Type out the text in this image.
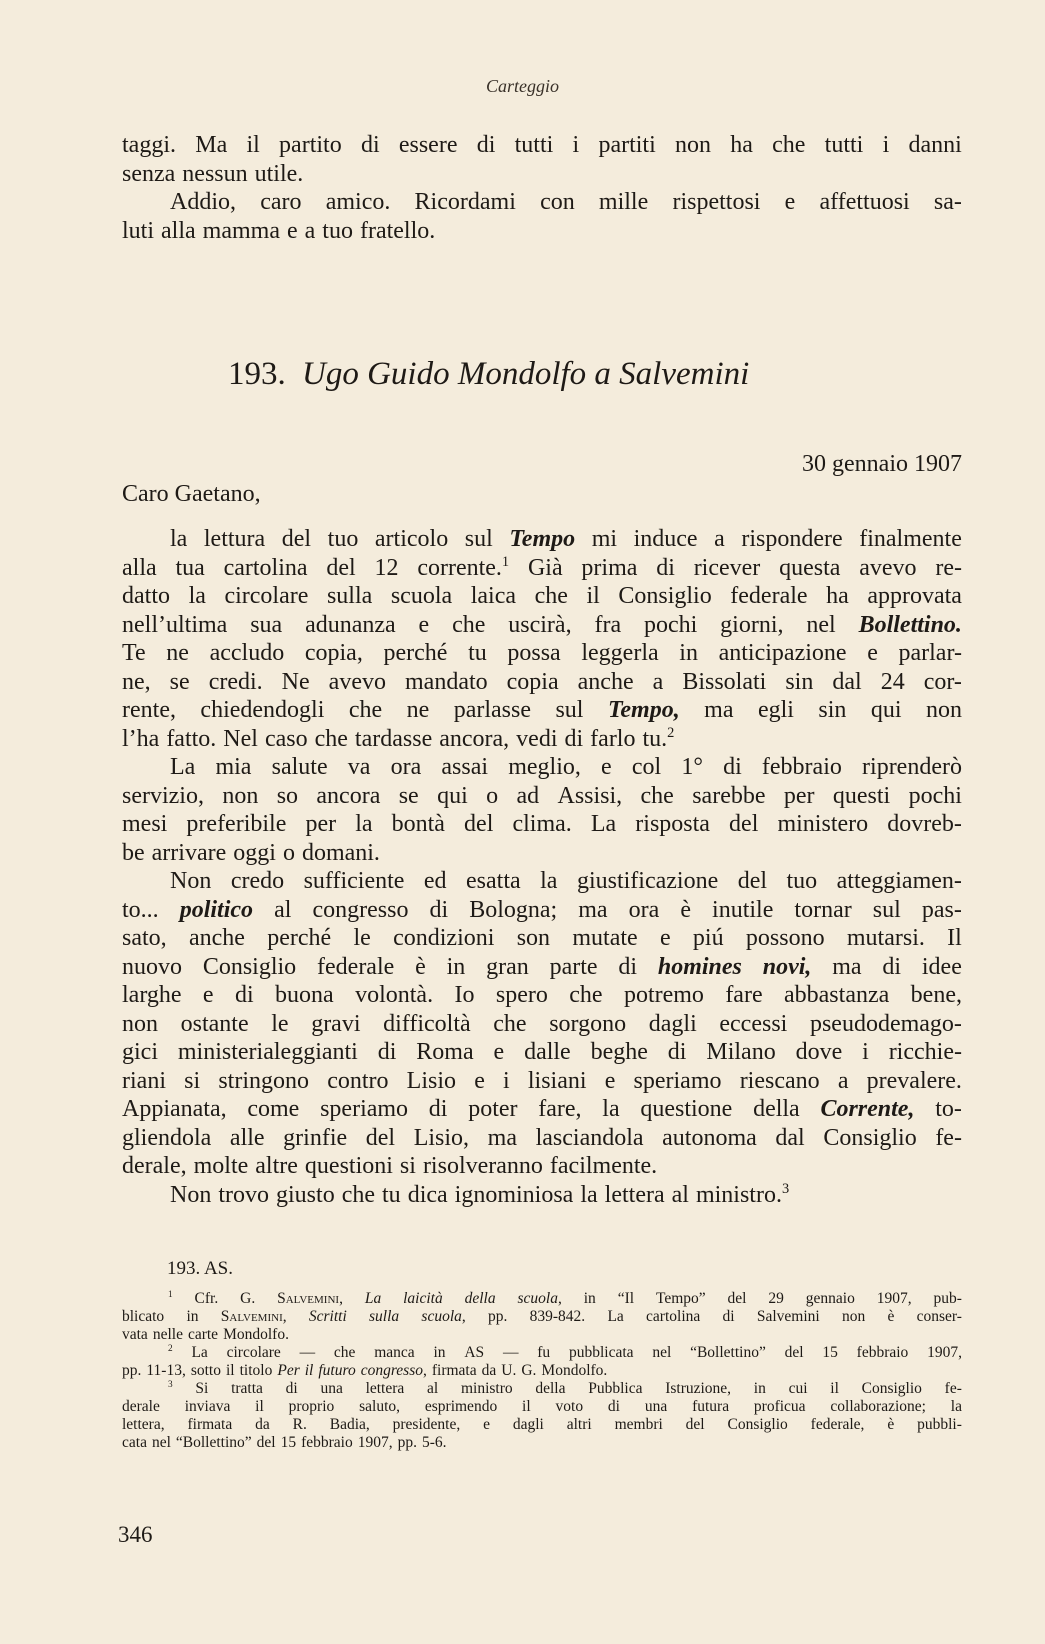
Carteggio
taggi. Ma il partito di essere di tutti i partiti non ha che tutti i danni
senza nessun utile.
Addio, caro amico. Ricordami con mille rispettosi e affettuosi sa-
luti alla mamma e a tuo fratello.
193. Ugo Guido Mondolfo a Salvemini
30 gennaio 1907
Caro Gaetano,
la lettura del tuo articolo sul Tempo mi induce a rispondere finalmente
alla tua cartolina del 12 corrente.$^1$ Già prima di ricever questa avevo re-
datto la circolare sulla scuola laica che il Consiglio federale ha approvata
nell’ultima sua adunanza e che uscirà, fra pochi giorni, nel Bollettino.
Te ne accludo copia, perché tu possa leggerla in anticipazione e parlar-
ne, se credi. Ne avevo mandato copia anche a Bissolati sin dal 24 cor-
rente, chiedendogli che ne parlasse sul Tempo, ma egli sin qui non
l’ha fatto. Nel caso che tardasse ancora, vedi di farlo tu.$^2$
La mia salute va ora assai meglio, e col 1° di febbraio riprenderò
servizio, non so ancora se qui o ad Assisi, che sarebbe per questi pochi
mesi preferibile per la bontà del clima. La risposta del ministero dovreb-
be arrivare oggi o domani.
Non credo sufficiente ed esatta la giustificazione del tuo atteggiamen-
to... politico al congresso di Bologna; ma ora è inutile tornar sul pas-
sato, anche perché le condizioni son mutate e piú possono mutarsi. Il
nuovo Consiglio federale è in gran parte di homines novi, ma di idee
larghe e di buona volontà. Io spero che potremo fare abbastanza bene,
non ostante le gravi difficoltà che sorgono dagli eccessi pseudodemago-
gici ministerialeggianti di Roma e dalle beghe di Milano dove i ricchie-
riani si stringono contro Lisio e i lisiani e speriamo riescano a prevalere.
Appianata, come speriamo di poter fare, la questione della Corrente, to-
gliendola alle grinfie del Lisio, ma lasciandola autonoma dal Consiglio fe-
derale, molte altre questioni si risolveranno facilmente.
Non trovo giusto che tu dica ignominiosa la lettera al ministro.$^3$
193. AS.
$^1$ Cfr. G. Salvemini, La laicità della scuola, in “Il Tempo” del 29 gennaio 1907, pub-
blicato in Salvemini, Scritti sulla scuola, pp. 839-842. La cartolina di Salvemini non è conser-
vata nelle carte Mondolfo.
$^2$ La circolare — che manca in AS — fu pubblicata nel “Bollettino” del 15 febbraio 1907,
pp. 11-13, sotto il titolo Per il futuro congresso, firmata da U. G. Mondolfo.
$^3$ Si tratta di una lettera al ministro della Pubblica Istruzione, in cui il Consiglio fe-
derale inviava il proprio saluto, esprimendo il voto di una futura proficua collaborazione; la
lettera, firmata da R. Badia, presidente, e dagli altri membri del Consiglio federale, è pubbli-
cata nel “Bollettino” del 15 febbraio 1907, pp. 5-6.
346
